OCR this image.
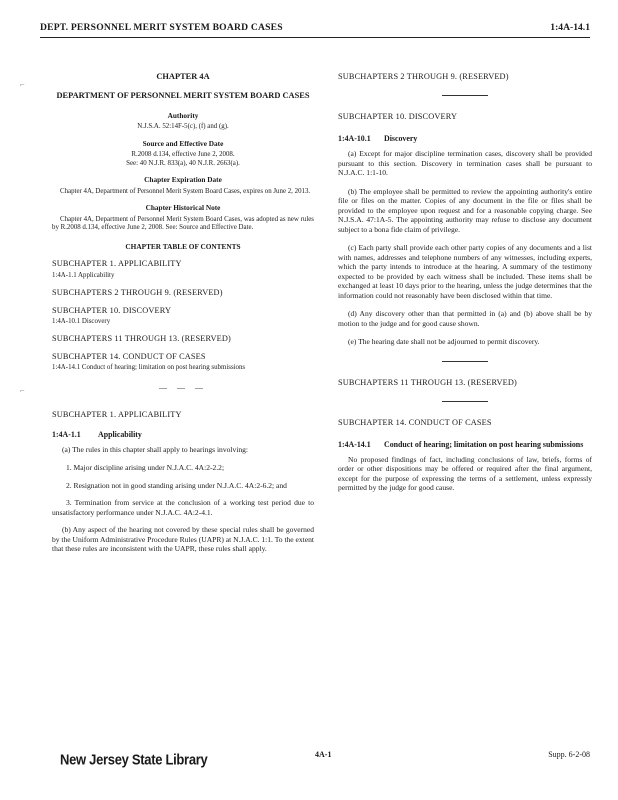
DEPT. PERSONNEL MERIT SYSTEM BOARD CASES	1:4A-14.1
⌐
⌐
CHAPTER 4A
DEPARTMENT OF PERSONNEL MERIT SYSTEM BOARD CASES
Authority
N.J.S.A. 52:14F-5(c), (f) and (g).
Source and Effective Date
R.2008 d.134, effective June 2, 2008.
See: 40 N.J.R. 833(a), 40 N.J.R. 2663(a).
Chapter Expiration Date
Chapter 4A, Department of Personnel Merit System Board Cases, expires on June 2, 2013.
Chapter Historical Note
Chapter 4A, Department of Personnel Merit System Board Cases, was adopted as new rules by R.2008 d.134, effective June 2, 2008. See: Source and Effective Date.
CHAPTER TABLE OF CONTENTS
SUBCHAPTER 1. APPLICABILITY
1:4A-1.1 Applicability
SUBCHAPTERS 2 THROUGH 9. (RESERVED)
SUBCHAPTER 10. DISCOVERY
1:4A-10.1 Discovery
SUBCHAPTERS 11 THROUGH 13. (RESERVED)
SUBCHAPTER 14. CONDUCT OF CASES
1:4A-14.1 Conduct of hearing; limitation on post hearing submissions
— — —
SUBCHAPTER 1. APPLICABILITY
1:4A-1.1	Applicability

(a) The rules in this chapter shall apply to hearings involving:

1. Major discipline arising under N.J.A.C. 4A:2-2.2;

2. Resignation not in good standing arising under N.J.A.C. 4A:2-6.2; and

3. Termination from service at the conclusion of a working test period due to unsatisfactory performance under N.J.A.C. 4A:2-4.1.

(b) Any aspect of the hearing not covered by these special rules shall be governed by the Uniform Administrative Procedure Rules (UAPR) at N.J.A.C. 1:1. To the extent that these rules are inconsistent with the UAPR, these rules shall apply.

SUBCHAPTERS 2 THROUGH 9. (RESERVED)
SUBCHAPTER 10. DISCOVERY
1:4A-10.1	Discovery

(a) Except for major discipline termination cases, discovery shall be provided pursuant to this section. Discovery in termination cases shall be pursuant to N.J.A.C. 1:1-10.

(b) The employee shall be permitted to review the appointing authority's entire file or files on the matter. Copies of any document in the file or files shall be provided to the employee upon request and for a reasonable copying charge. See N.J.S.A. 47:1A-5. The appointing authority may refuse to disclose any document subject to a bona fide claim of privilege.

(c) Each party shall provide each other party copies of any documents and a list with names, addresses and telephone numbers of any witnesses, including experts, which the party intends to introduce at the hearing. A summary of the testimony expected to be provided by each witness shall be included. These items shall be exchanged at least 10 days prior to the hearing, unless the judge determines that the information could not reasonably have been disclosed within that time.

(d) Any discovery other than that permitted in (a) and (b) above shall be by motion to the judge and for good cause shown.

(e) The hearing date shall not be adjourned to permit discovery.

SUBCHAPTERS 11 THROUGH 13. (RESERVED)
SUBCHAPTER 14. CONDUCT OF CASES
1:4A-14.1	Conduct of hearing; limitation on post hearing submissions

No proposed findings of fact, including conclusions of law, briefs, forms of order or other dispositions may be offered or required after the final argument, except for the purpose of expressing the terms of a settlement, unless expressly permitted by the judge for good cause.

New Jersey State Library	4A-1	Supp. 6-2-08
